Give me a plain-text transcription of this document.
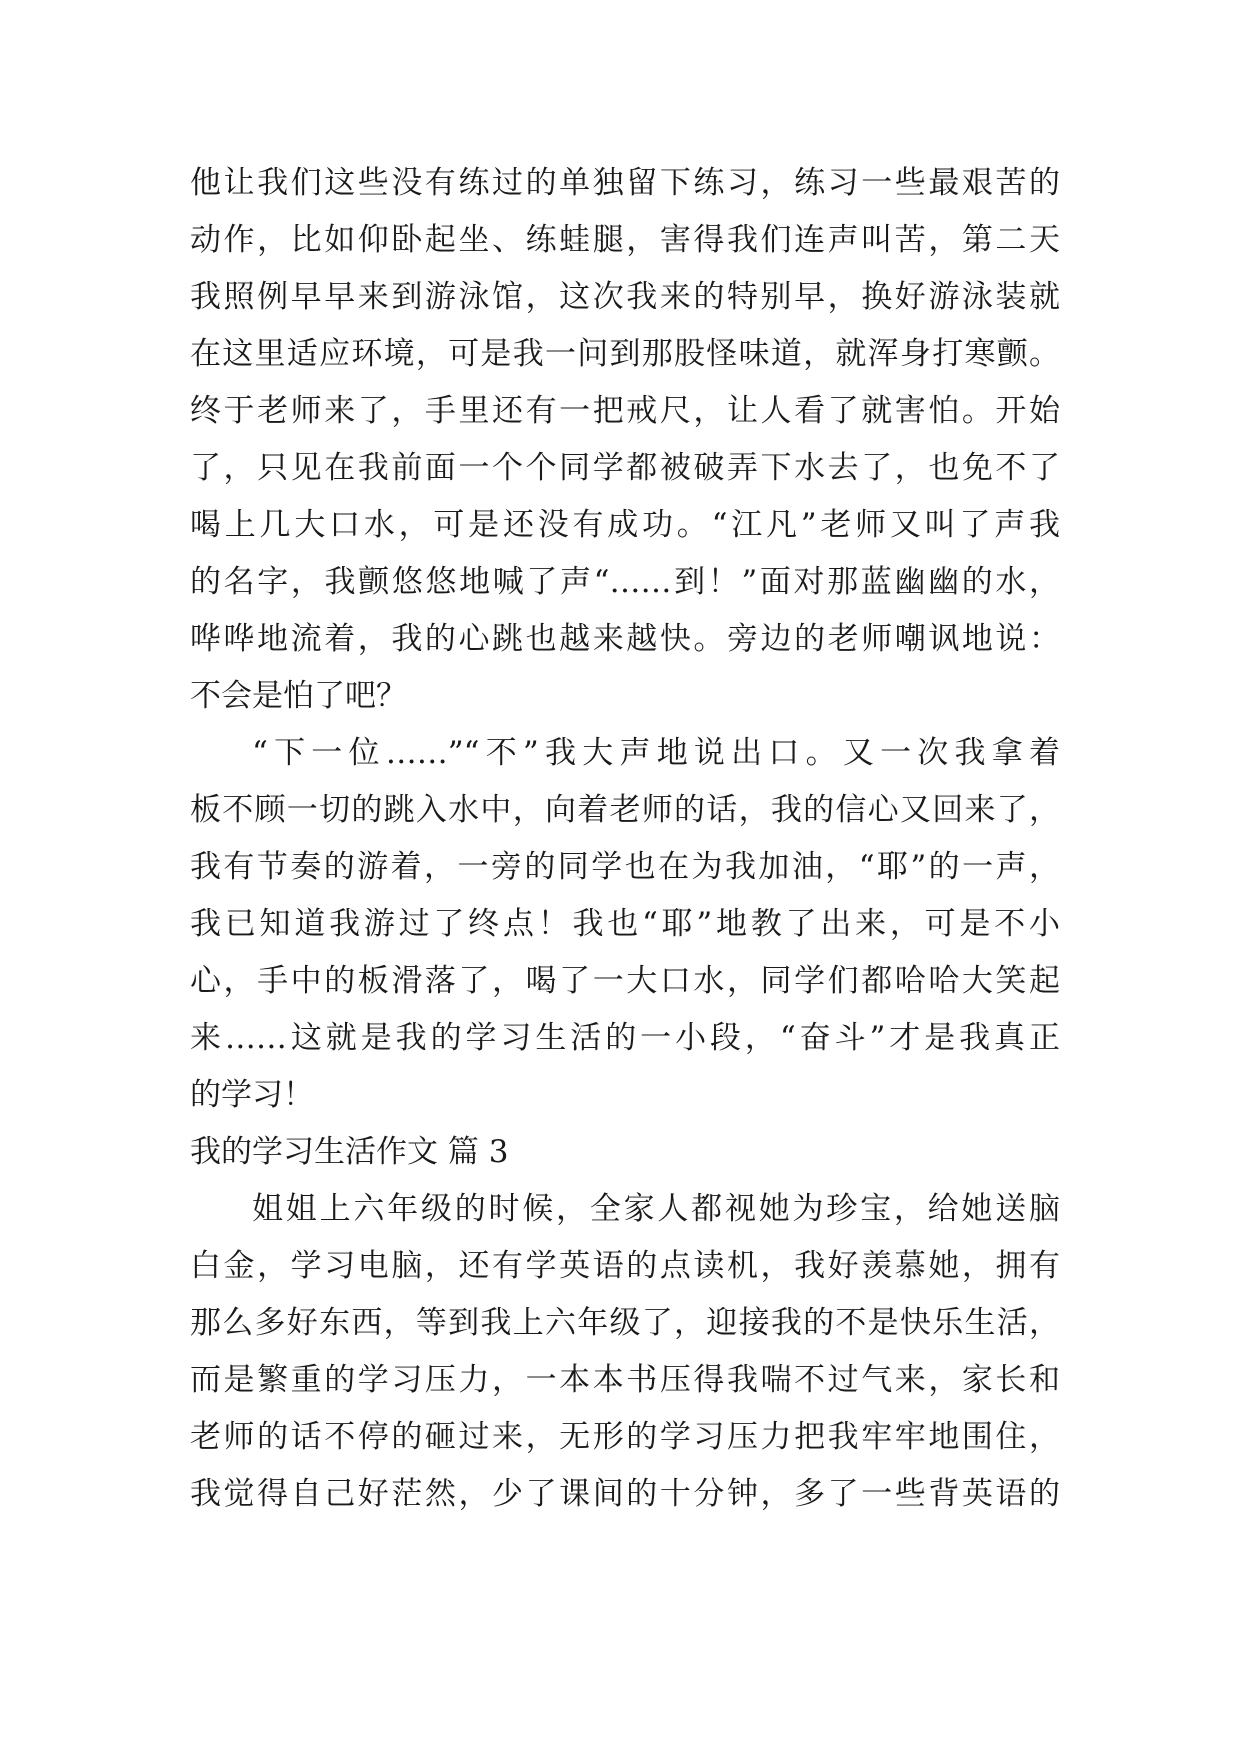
他让我们这些没有练过的单独留下练习，练习一些最艰苦的
动作，比如仰卧起坐、练蛙腿，害得我们连声叫苦，第二天
我照例早早来到游泳馆，这次我来的特别早，换好游泳装就
在这里适应环境，可是我一问到那股怪味道，就浑身打寒颤。
终于老师来了，手里还有一把戒尺，让人看了就害怕。开始
了，只见在我前面一个个同学都被破弄下水去了，也免不了
喝上几大口水，可是还没有成功。“江凡”老师又叫了声我
的名字，我颤悠悠地喊了声“……到！”面对那蓝幽幽的水，
哗哗地流着，我的心跳也越来越快。旁边的老师嘲讽地说：
不会是怕了吧？
“下一位……”“不”我大声地说出口。又一次我拿着
板不顾一切的跳入水中，向着老师的话，我的信心又回来了，
我有节奏的游着，一旁的同学也在为我加油，“耶”的一声，
我已知道我游过了终点！我也“耶”地教了出来，可是不小
心，手中的板滑落了，喝了一大口水，同学们都哈哈大笑起
来……这就是我的学习生活的一小段，“奋斗”才是我真正
的学习！
我的学习生活作文 篇 3
姐姐上六年级的时候，全家人都视她为珍宝，给她送脑
白金，学习电脑，还有学英语的点读机，我好羡慕她，拥有
那么多好东西，等到我上六年级了，迎接我的不是快乐生活，
而是繁重的学习压力，一本本书压得我喘不过气来，家长和
老师的话不停的砸过来，无形的学习压力把我牢牢地围住，
我觉得自己好茫然，少了课间的十分钟，多了一些背英语的
